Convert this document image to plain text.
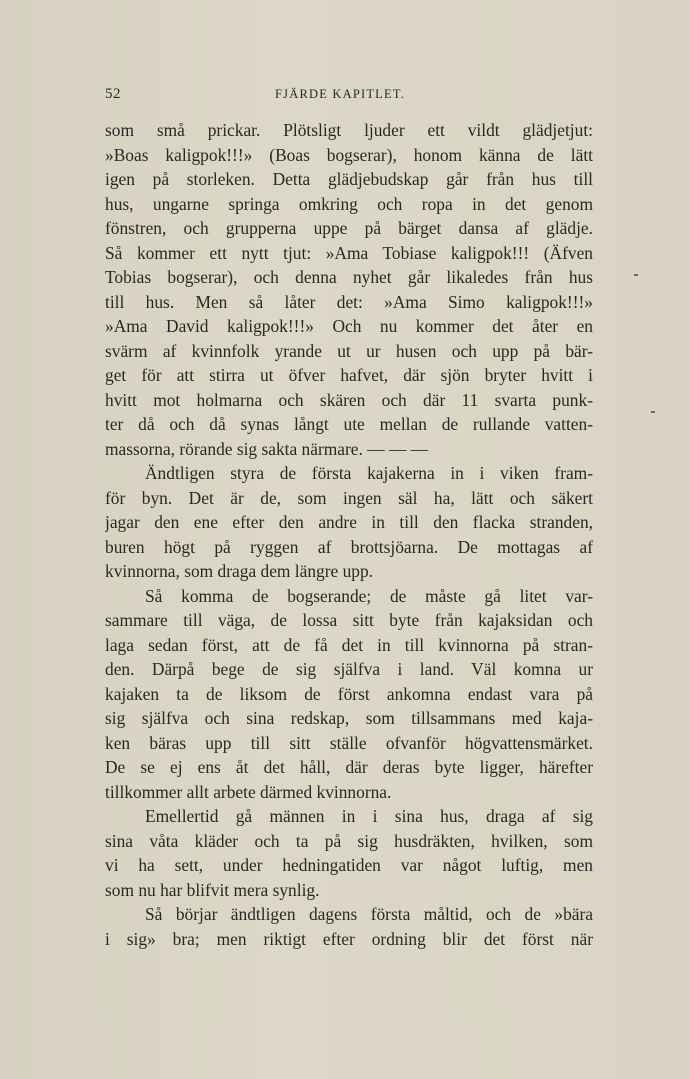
52	FJÄRDE KAPITLET.
som små prickar. Plötsligt ljuder ett vildt glädjetjut:
»Boas kaligpok!!!» (Boas bogserar), honom känna de lätt
igen på storleken. Detta glädjebudskap går från hus till
hus, ungarne springa omkring och ropa in det genom
fönstren, och grupperna uppe på bärget dansa af glädje.
Så kommer ett nytt tjut: »Ama Tobiase kaligpok!!! (Äfven
Tobias bogserar), och denna nyhet går likaledes från hus
till hus. Men så låter det: »Ama Simo kaligpok!!!»
»Ama David kaligpok!!!» Och nu kommer det åter en
svärm af kvinnfolk yrande ut ur husen och upp på bär-
get för att stirra ut öfver hafvet, där sjön bryter hvitt i
hvitt mot holmarna och skären och där 11 svarta punk-
ter då och då synas långt ute mellan de rullande vatten-
massorna, rörande sig sakta närmare. — — —
Ändtligen styra de första kajakerna in i viken fram-
för byn. Det är de, som ingen säl ha, lätt och säkert
jagar den ene efter den andre in till den flacka stranden,
buren högt på ryggen af brottsjöarna. De mottagas af
kvinnorna, som draga dem längre upp.
Så komma de bogserande; de måste gå litet var-
sammare till väga, de lossa sitt byte från kajaksidan och
laga sedan först, att de få det in till kvinnorna på stran-
den. Därpå bege de sig själfva i land. Väl komna ur
kajaken ta de liksom de först ankomna endast vara på
sig själfva och sina redskap, som tillsammans med kaja-
ken bäras upp till sitt ställe ofvanför högvattensmärket.
De se ej ens åt det håll, där deras byte ligger, härefter
tillkommer allt arbete därmed kvinnorna.
Emellertid gå männen in i sina hus, draga af sig
sina våta kläder och ta på sig husdräkten, hvilken, som
vi ha sett, under hedningatiden var något luftig, men
som nu har blifvit mera synlig.
Så börjar ändtligen dagens första måltid, och de »bära
i sig» bra; men riktigt efter ordning blir det först när
